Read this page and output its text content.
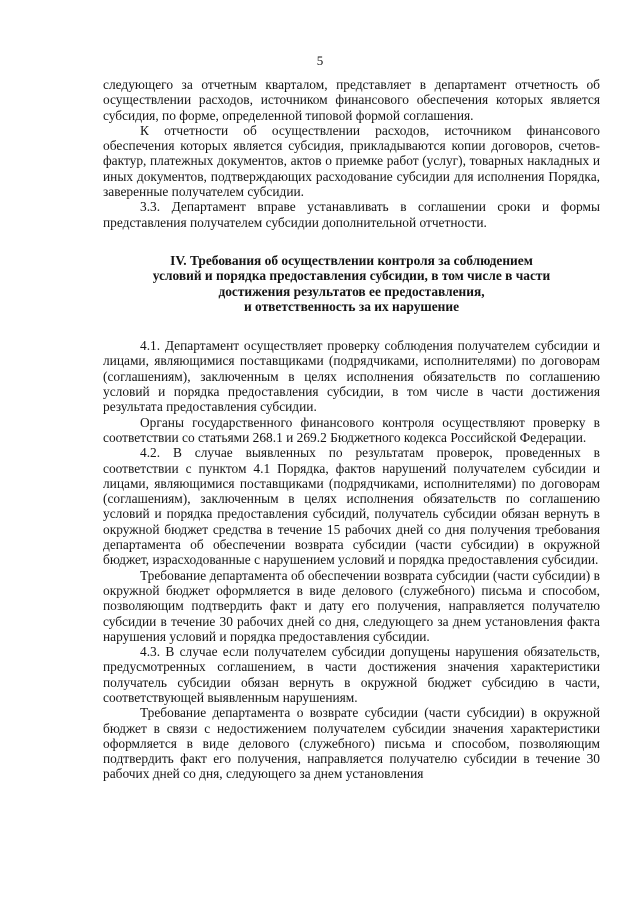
5

следующего за отчетным кварталом, представляет в департамент отчетность об осуществлении расходов, источником финансового обеспечения которых является субсидия, по форме, определенной типовой формой соглашения.

К отчетности об осуществлении расходов, источником финансового обеспечения которых является субсидия, прикладываются копии договоров, счетов-фактур, платежных документов, актов о приемке работ (услуг), товарных накладных и иных документов, подтверждающих расходование субсидии для исполнения Порядка, заверенные получателем субсидии.

3.3. Департамент вправе устанавливать в соглашении сроки и формы представления получателем субсидии дополнительной отчетности.

IV. Требования об осуществлении контроля за соблюдением
условий и порядка предоставления субсидии, в том числе в части
достижения результатов ее предоставления,
и ответственность за их нарушение

4.1. Департамент осуществляет проверку соблюдения получателем субсидии и лицами, являющимися поставщиками (подрядчиками, исполнителями) по договорам (соглашениям), заключенным в целях исполнения обязательств по соглашению условий и порядка предоставления субсидии, в том числе в части достижения результата предоставления субсидии.

Органы государственного финансового контроля осуществляют проверку в соответствии со статьями 268.1 и 269.2 Бюджетного кодекса Российской Федерации.

4.2. В случае выявленных по результатам проверок, проведенных в соответствии с пунктом 4.1 Порядка, фактов нарушений получателем субсидии и лицами, являющимися поставщиками (подрядчиками, исполнителями) по договорам (соглашениям), заключенным в целях исполнения обязательств по соглашению условий и порядка предоставления субсидий, получатель субсидии обязан вернуть в окружной бюджет средства в течение 15 рабочих дней со дня получения требования департамента об обеспечении возврата субсидии (части субсидии) в окружной бюджет, израсходованные с нарушением условий и порядка предоставления субсидии.

Требование департамента об обеспечении возврата субсидии (части субсидии) в окружной бюджет оформляется в виде делового (служебного) письма и способом, позволяющим подтвердить факт и дату его получения, направляется получателю субсидии в течение 30 рабочих дней со дня, следующего за днем установления факта нарушения условий и порядка предоставления субсидии.

4.3. В случае если получателем субсидии допущены нарушения обязательств, предусмотренных соглашением, в части достижения значения характеристики получатель субсидии обязан вернуть в окружной бюджет субсидию в части, соответствующей выявленным нарушениям.

Требование департамента о возврате субсидии (части субсидии) в окружной бюджет в связи с недостижением получателем субсидии значения характеристики оформляется в виде делового (служебного) письма и способом, позволяющим подтвердить факт его получения, направляется получателю субсидии в течение 30 рабочих дней со дня, следующего за днем установления
